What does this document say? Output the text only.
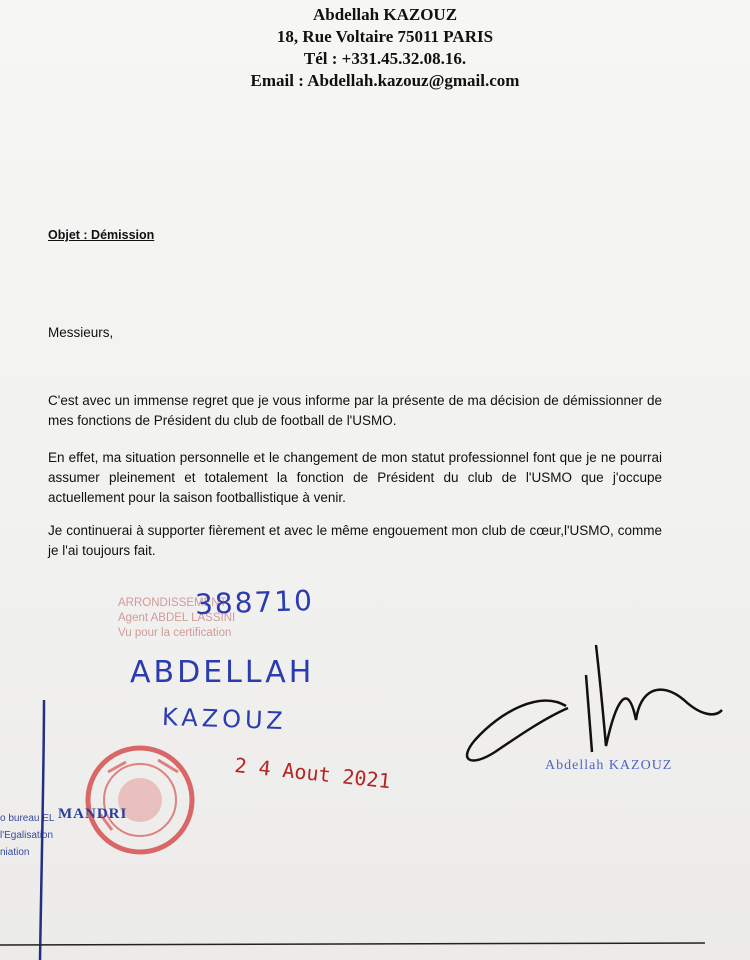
Abdellah KAZOUZ
18, Rue Voltaire 75011 PARIS
Tél : +331.45.32.08.16.
Email : Abdellah.kazouz@gmail.com
Objet : Démission
Messieurs,
C'est avec un immense regret que je vous informe par la présente de ma décision de démissionner de mes fonctions de Président du club de football de l'USMO.
En effet, ma situation personnelle et le changement de mon statut professionnel font que je ne pourrai assumer pleinement et totalement la fonction de Président du club de l'USMO que j'occupe actuellement pour la saison footballistique à venir.
Je continuerai à supporter fièrement et avec le même engouement mon club de cœur,l'USMO, comme je l'ai toujours fait.
ARRONDISSEMENT
Agent ABDEL LASSINI
Vu pour la certification
388710
ABDELLAH
KAZOUZ
2 4 Aout 2021
o bureau EL
l'Egalisation
niation
MANDRI
Abdellah KAZOUZ
